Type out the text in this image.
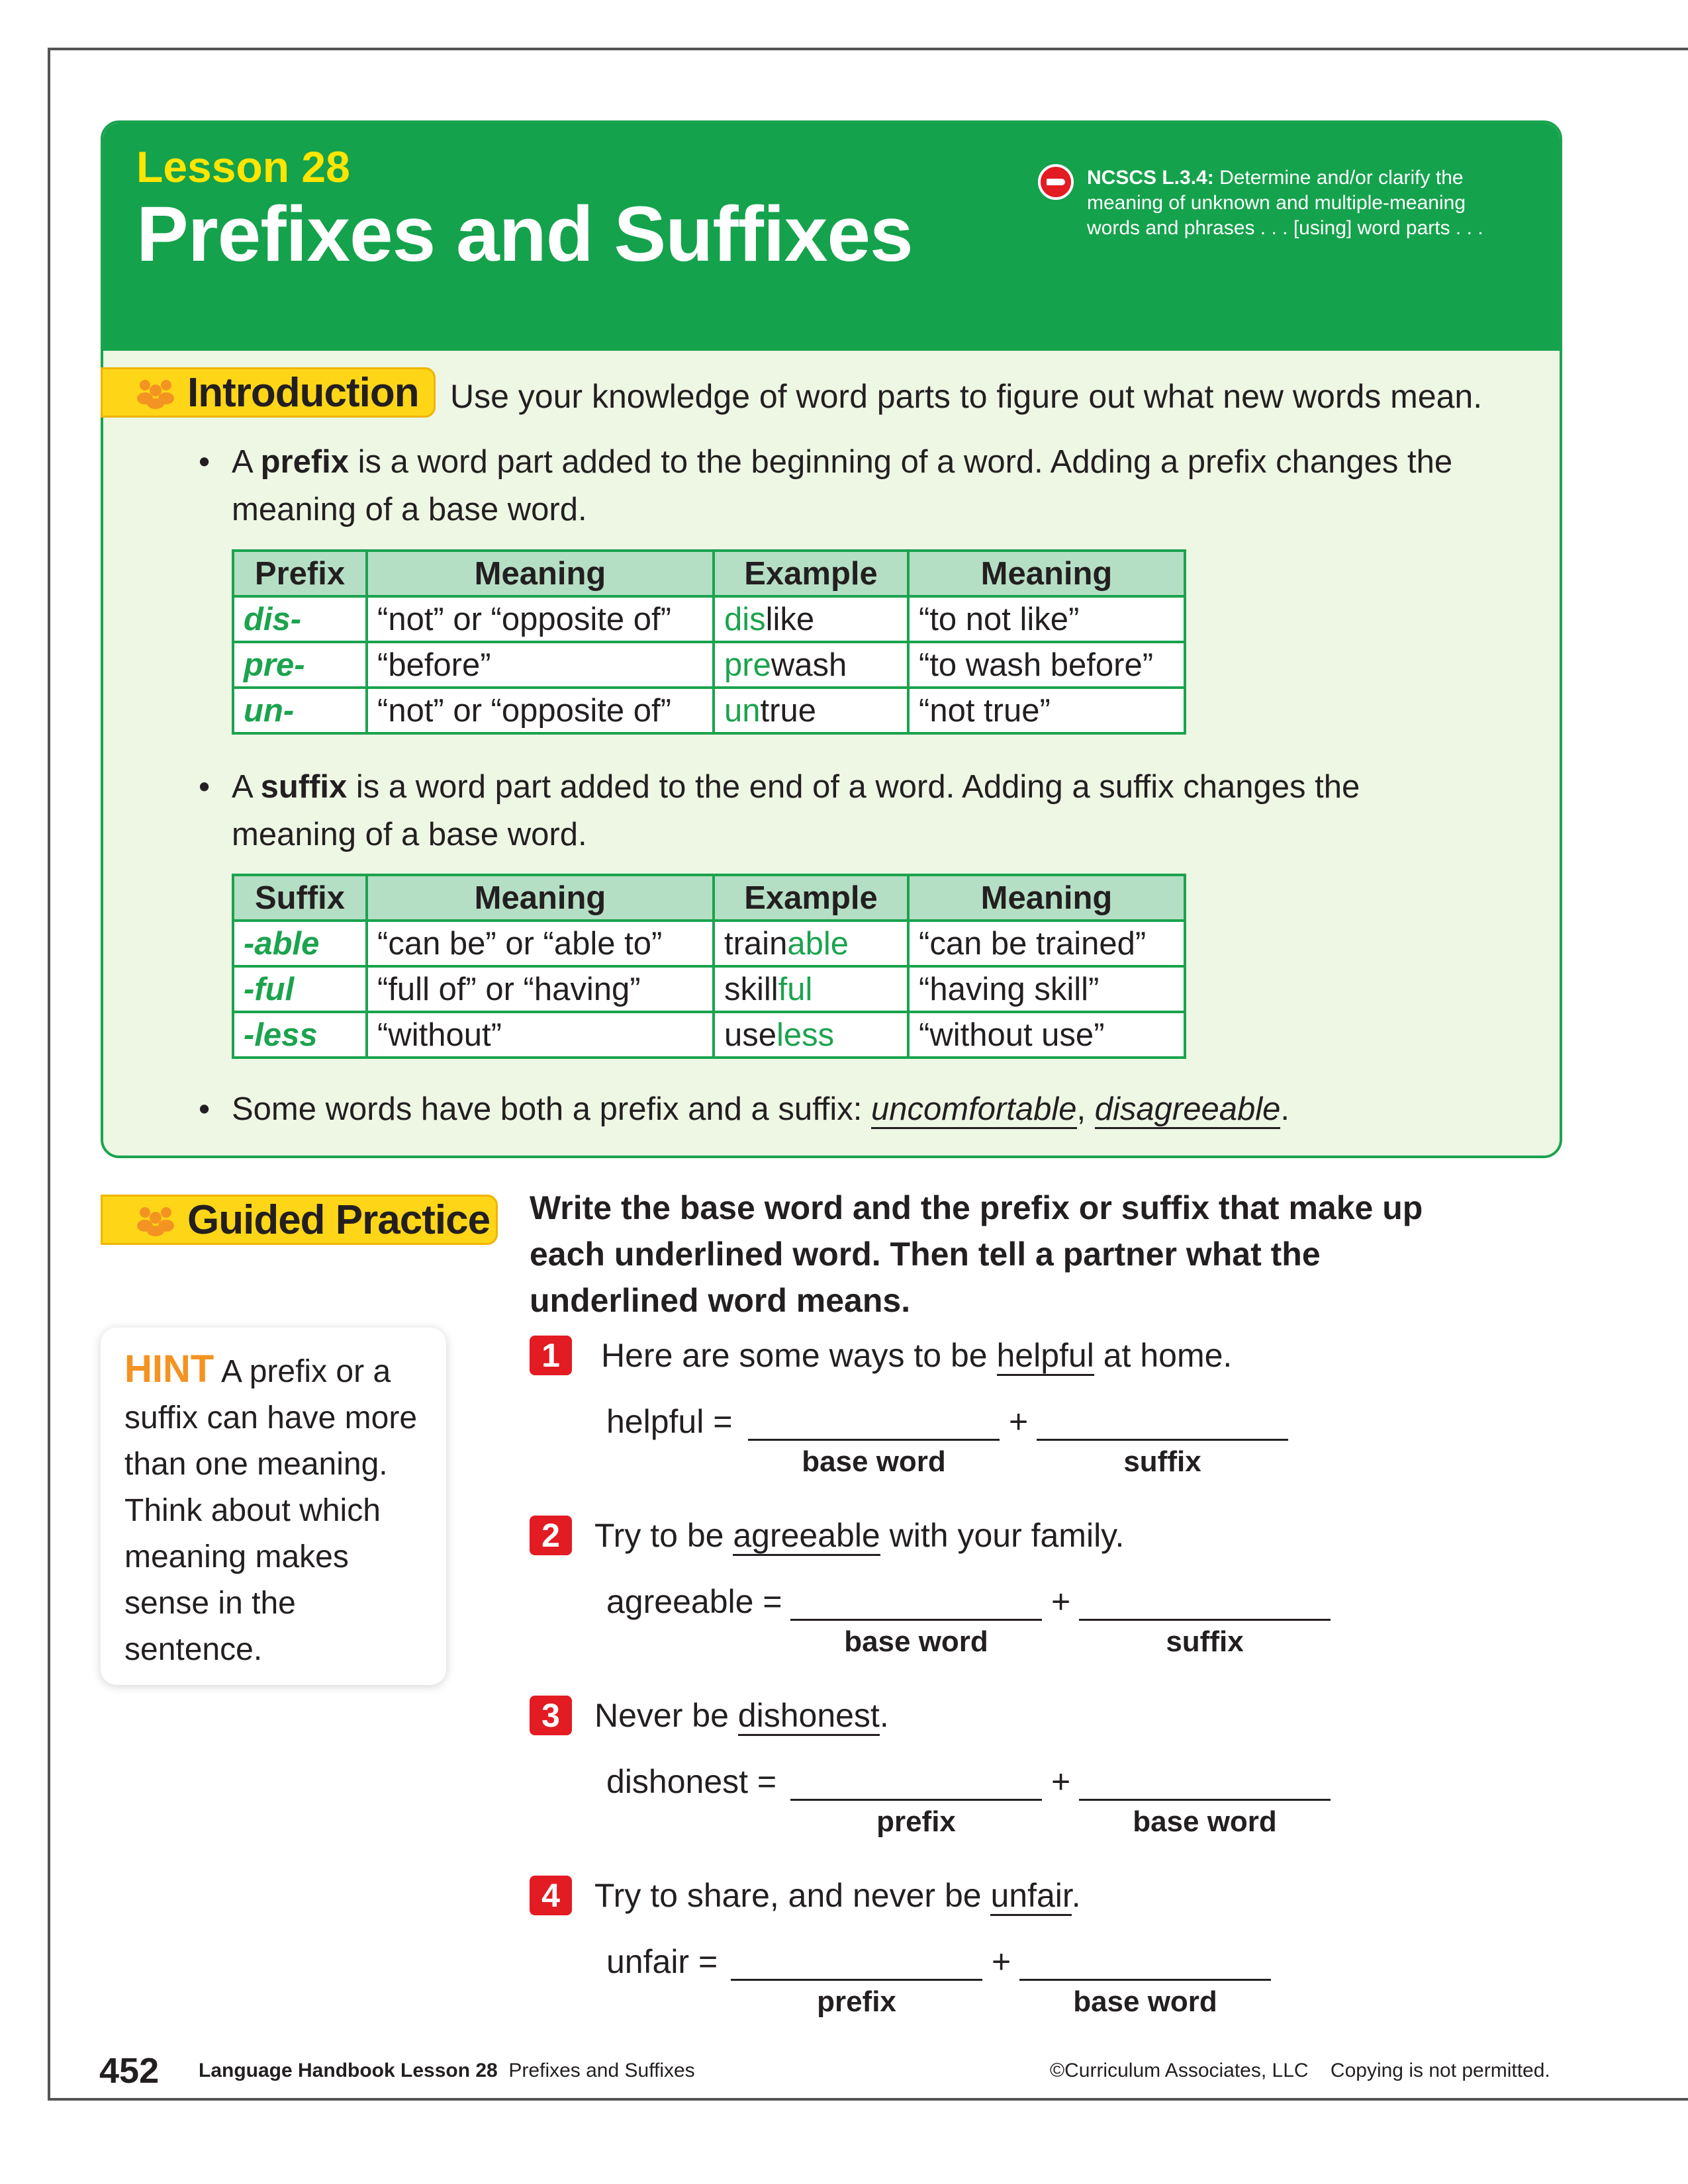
Lesson 28
Prefixes and Suffixes
NCSCS L.3.4: Determine and/or clarify the meaning of unknown and multiple-meaning words and phrases . . . [using] word parts . . .
Introduction Use your knowledge of word parts to figure out what new words mean.
• A prefix is a word part added to the beginning of a word. Adding a prefix changes the meaning of a base word.
Prefix	Meaning	Example	Meaning
dis-	“not” or “opposite of”	dislike	“to not like”
pre-	“before”	prewash	“to wash before”
un-	“not” or “opposite of”	untrue	“not true”
• A suffix is a word part added to the end of a word. Adding a suffix changes the meaning of a base word.
Suffix	Meaning	Example	Meaning
-able	“can be” or “able to”	trainable	“can be trained”
-ful	“full of” or “having”	skillful	“having skill”
-less	“without”	useless	“without use”
• Some words have both a prefix and a suffix: uncomfortable, disagreeable.
Guided Practice Write the base word and the prefix or suffix that make up each underlined word. Then tell a partner what the underlined word means.
HINT A prefix or a suffix can have more than one meaning. Think about which meaning makes sense in the sentence.
1	Here are some ways to be helpful at home.
helpful =	+
base word	suffix
2	Try to be agreeable with your family.
agreeable =	+
base word	suffix
3	Never be dishonest.
dishonest =	+
prefix	base word
4	Try to share, and never be unfair.
unfair =	+
prefix	base word
452 Language Handbook Lesson 28 Prefixes and Suffixes	©Curriculum Associates, LLC Copying is not permitted.
